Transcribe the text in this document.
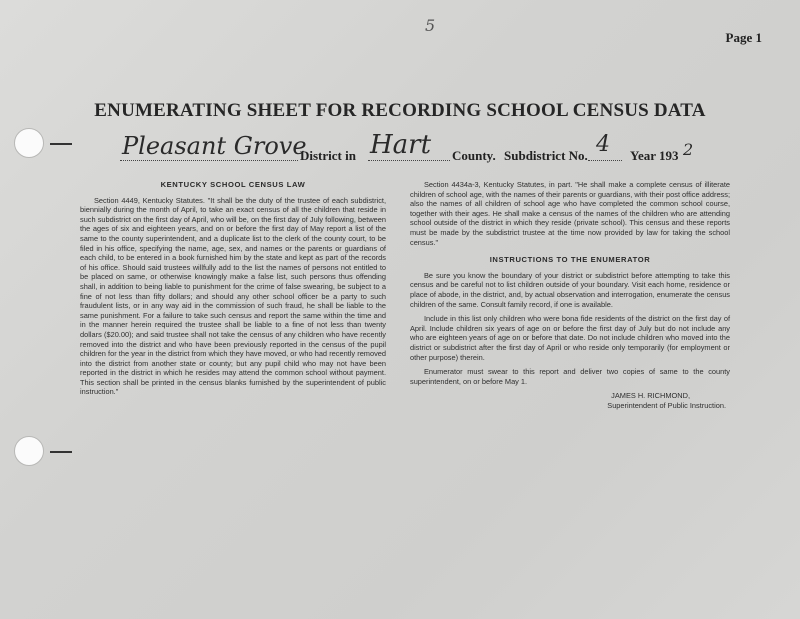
5
Page 1
ENUMERATING SHEET FOR RECORDING SCHOOL CENSUS DATA
Pleasant Grove
District in Hart County. Subdistrict No. 4 Year 193 2
KENTUCKY SCHOOL CENSUS LAW
Section 4449, Kentucky Statutes. "It shall be the duty of the trustee of each subdistrict, biennially during the month of April, to take an exact census of all the children that reside in such subdistrict on the first day of April, who will be, on the first day of July following, between the ages of six and eighteen years, and on or before the first day of May report a list of the same to the county superintendent, and a duplicate list to the clerk of the county court, to be filed in his office, specifying the name, age, sex, and names or the parents or guardians of each child, to be entered in a book furnished him by the state and kept as part of the records of his office. Should said trustees willfully add to the list the names of persons not entitled to be placed on same, or otherwise knowingly make a false list, such persons thus offending shall, in addition to being liable to punishment for the crime of false swearing, be subject to a fine of not less than fifty dollars; and should any other school officer be a party to such fraudulent lists, or in any way aid in the commission of such fraud, he shall be liable to the same punishment. For a failure to take such census and report the same within the time and in the manner herein required the trustee shall be liable to a fine of not less than twenty dollars ($20.00); and said trustee shall not take the census of any children who have recently removed into the district and who have been previously reported in the census of the pupil children for the year in the district from which they have moved, or who had recently removed into the district from another state or county; but any pupil child who may not have been reported in the district in which he resides may attend the common school without payment. This section shall be printed in the census blanks furnished by the superintendent of public instruction."
Section 4434a-3, Kentucky Statutes, in part. "He shall make a complete census of illiterate children of school age, with the names of their parents or guardians, with their post office address; also the names of all children of school age who have completed the common school course, together with their ages. He shall make a census of the names of the children who are attending school outside of the district in which they reside (private school). This census and these reports must be made by the subdistrict trustee at the time now provided by law for taking the school census."
INSTRUCTIONS TO THE ENUMERATOR
Be sure you know the boundary of your district or subdistrict before attempting to take this census and be careful not to list children outside of your boundary. Visit each home, residence or place of abode, in the district, and, by actual observation and interrogation, enumerate the census children of the same. Consult family record, if one is available.
Include in this list only children who were bona fide residents of the district on the first day of April. Include children six years of age on or before the first day of July but do not include any who are eighteen years of age on or before that date. Do not include children who moved into the district or subdistrict after the first day of April or who reside only temporarily (for employment or other purpose) therein.
Enumerator must swear to this report and deliver two copies of same to the county superintendent, on or before May 1.
JAMES H. RICHMOND,
Superintendent of Public Instruction.
